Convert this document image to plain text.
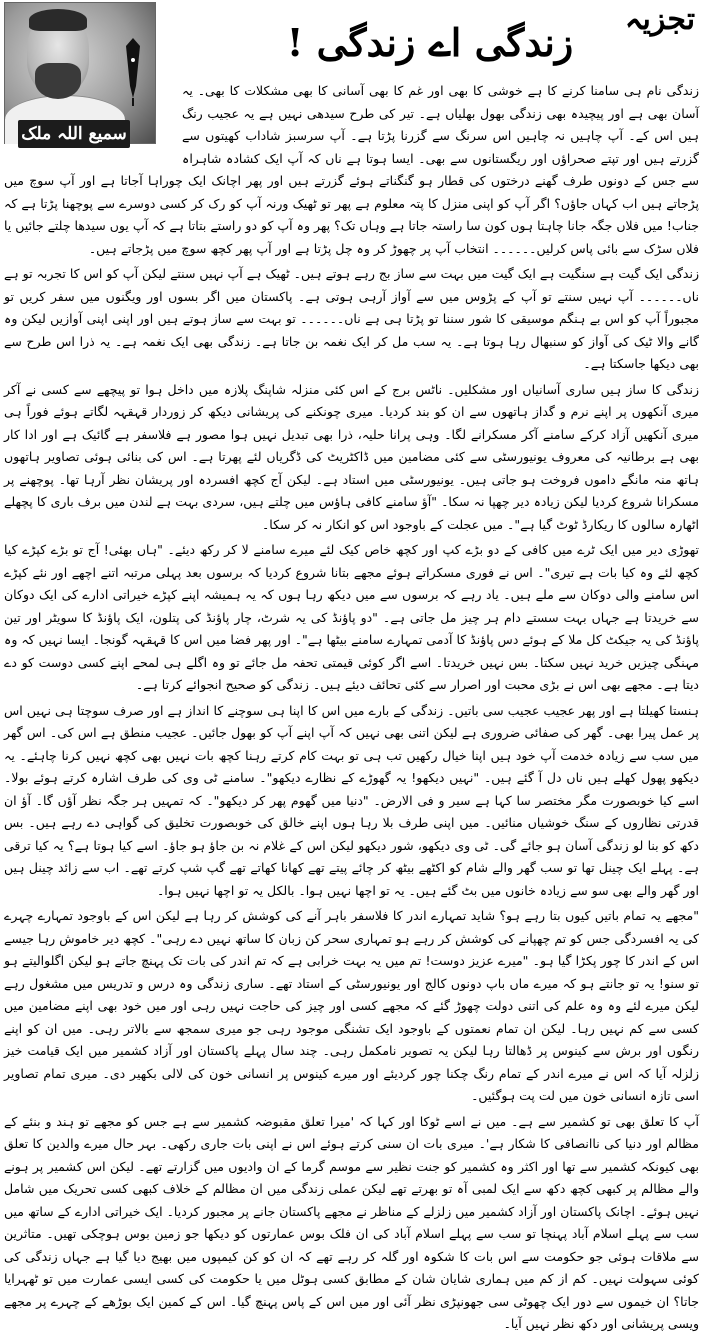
تجزیہ
سمیع اللہ ملک
زندگی اے زندگی !

زندگی نام ہی سامنا کرنے کا ہے خوشی کا بھی اور غم کا بھی آسانی کا بھی مشکلات کا بھی۔ یہ آسان بھی ہے اور پیچیدہ بھی زندگی بھول بھلیاں ہے۔ تیر کی طرح سیدھی نہیں ہے یہ عجیب رنگ ہیں اس کے۔ آپ چاہیں نہ چاہیں اس سرنگ سے گزرنا پڑتا ہے۔ آپ سرسبز شاداب کھیتوں سے گزرتے ہیں اور تپتے صحراؤں اور ریگستانوں سے بھی۔ ایسا ہوتا ہے ناں کہ آپ ایک کشادہ شاہراہ سے جس کے دونوں طرف گھنے درختوں کی قطار ہو گنگناتے ہوئے گزرتے ہیں اور پھر اچانک ایک چوراہا آجاتا ہے اور آپ سوچ میں پڑجاتے ہیں اب کہاں جاؤں؟ اگر آپ کو اپنی منزل کا پتہ معلوم ہے پھر تو ٹھیک ورنہ آپ کو رک کر کسی دوسرے سے پوچھنا پڑتا ہے کہ جناب! میں فلاں جگہ جانا چاہتا ہوں کون سا راستہ جاتا ہے وہاں تک؟ پھر وہ آپ کو دو راستے بتاتا ہے کہ آپ یوں سیدھا چلتے جائیں یا فلاں سڑک سے بائی پاس کرلیں۔۔۔۔۔۔ انتخاب آپ پر چھوڑ کر وہ چل پڑتا ہے اور آپ پھر کچھ سوچ میں پڑجاتے ہیں۔

زندگی ایک گیت ہے سنگیت ہے ایک گیت میں بہت سے ساز بج رہے ہوتے ہیں۔ ٹھیک ہے آپ نہیں سنتے لیکن آپ کو اس کا تجربہ تو ہے ناں۔۔۔۔۔۔ آپ نہیں سنتے تو آپ کے پڑوس میں سے آواز آرہی ہوتی ہے۔ پاکستان میں اگر بسوں اور ویگنوں میں سفر کریں تو مجبوراً آپ کو اس بے ہنگم موسیقی کا شور سننا تو پڑتا ہی ہے ناں۔۔۔۔۔۔ تو بہت سے ساز ہوتے ہیں اور اپنی اپنی آوازیں لیکن وہ گانے والا ٹیک کی آواز کو سنبھال رہا ہوتا ہے۔ یہ سب مل کر ایک نغمہ بن جاتا ہے۔ زندگی بھی ایک نغمہ ہے۔ یہ ذرا اس طرح سے بھی دیکھا جاسکتا ہے۔

زندگی کا ساز ہیں ساری آسانیاں اور مشکلیں۔ ناٹس برج کے اس کئی منزلہ شاپنگ پلازہ میں داخل ہوا تو پیچھے سے کسی نے آکر میری آنکھوں پر اپنے نرم و گداز ہاتھوں سے ان کو بند کردیا۔ میری چونکنے کی پریشانی دیکھ کر زوردار قہقہہ لگاتے ہوئے فوراً ہی میری آنکھیں آزاد کرکے سامنے آکر مسکرانے لگا۔ وہی پرانا حلیہ، ذرا بھی تبدیل نہیں ہوا مصور ہے فلاسفر ہے گائیک ہے اور ادا کار بھی ہے برطانیہ کی معروف یونیورسٹی سے کئی مضامین میں ڈاکٹریٹ کی ڈگریاں لئے پھرتا ہے۔ اس کی بنائی ہوئی تصاویر ہاتھوں ہاتھ منہ مانگے داموں فروخت ہو جاتی ہیں۔ یونیورسٹی میں استاد ہے۔ لیکن آج کچھ افسردہ اور پریشان نظر آرہا تھا۔ پوچھنے پر مسکرانا شروع کردیا لیکن زیادہ دیر چھپا نہ سکا۔ "آؤ سامنے کافی ہاؤس میں چلتے ہیں، سردی بہت ہے لندن میں برف باری کا پچھلے اٹھارہ سالوں کا ریکارڈ ٹوٹ گیا ہے"۔ میں عجلت کے باوجود اس کو انکار نہ کر سکا۔

تھوڑی دیر میں ایک ٹرے میں کافی کے دو بڑے کپ اور کچھ خاص کیک لئے میرے سامنے لا کر رکھ دیئے۔ "ہاں بھئی! آج تو بڑے کپڑے کیا کچھ لئے وہ کیا بات ہے تیری"۔ اس نے فوری مسکراتے ہوئے مجھے بتانا شروع کردیا کہ برسوں بعد پہلی مرتبہ اتنے اچھے اور نئے کپڑے اس سامنے والی دوکان سے ملے ہیں۔ یاد رہے کہ برسوں سے میں دیکھ رہا ہوں کہ یہ ہمیشہ اپنے کپڑے خیراتی ادارے کی ایک دوکان سے خریدتا ہے جہاں بہت سستے دام ہر چیز مل جاتی ہے۔ "دو پاؤنڈ کی یہ شرٹ، چار پاؤنڈ کی پتلون، ایک پاؤنڈ کا سویٹر اور تین پاؤنڈ کی یہ جیکٹ کل ملا کے ہوئے دس پاؤنڈ کا آدمی تمہارے سامنے بیٹھا ہے"۔ اور پھر فضا میں اس کا قہقہہ گونجا۔ ایسا نہیں کہ وہ مہنگی چیزیں خرید نہیں سکتا۔ بس نہیں خریدتا۔ اسے اگر کوئی قیمتی تحفہ مل جائے تو وہ اگلے ہی لمحے اپنے کسی دوست کو دے دیتا ہے۔ مجھے بھی اس نے بڑی محبت اور اصرار سے کئی تحائف دیئے ہیں۔ زندگی کو صحیح انجوائے کرتا ہے۔

ہنستا کھیلتا ہے اور پھر عجیب عجیب سی باتیں۔ زندگی کے بارے میں اس کا اپنا ہی سوچنے کا انداز ہے اور صرف سوچتا ہی نہیں اس پر عمل پیرا بھی۔ گھر کی صفائی ضروری ہے لیکن اتنی بھی نہیں کہ آپ اپنے آپ کو بھول جائیں۔ عجیب منطق ہے اس کی۔ اس گھر میں سب سے زیادہ خدمت آپ خود ہیں اپنا خیال رکھیں تب ہی تو بہت کام کرتے رہنا کچھ بات نہیں بھی کچھ نہیں کرنا چاہئے۔ یہ دیکھو پھول کھلے ہیں ناں دل آ گئے ہیں۔ "نہیں دیکھو! یہ گھوڑے کے نظارے دیکھو"۔ سامنے ٹی وی کی طرف اشارہ کرتے ہوئے بولا۔ اسے کیا خوبصورت مگر مختصر سا کہا ہے سیر و فی الارض۔ "دنیا میں گھوم پھر کر دیکھو"۔ کہ تمہیں ہر جگہ نظر آؤں گا۔ آؤ ان قدرتی نظاروں کے سنگ خوشیاں منائیں۔ میں اپنی طرف بلا رہا ہوں اپنے خالق کی خوبصورت تخلیق کی گواہی دے رہے ہیں۔ بس دکھ کو بنا لو زندگی آسان ہو جائے گی۔ ٹی وی دیکھو، شور دیکھو لیکن اس کے غلام نہ بن جاؤ ہو جاؤ۔ اسے کیا ہوتا ہے؟ یہ کیا ترقی ہے۔ پہلے ایک چینل تھا تو سب گھر والے شام کو اکٹھے بیٹھ کر چائے پیتے تھے کھانا کھاتے تھے گپ شپ کرتے تھے۔ اب سے زائد چینل ہیں اور گھر والے بھی سو سے زیادہ خانوں میں بٹ گئے ہیں۔ یہ تو اچھا نہیں ہوا۔ بالکل یہ تو اچھا نہیں ہوا۔

"مجھے یہ تمام باتیں کیوں بتا رہے ہو؟ شاید تمہارے اندر کا فلاسفر باہر آنے کی کوشش کر رہا ہے لیکن اس کے باوجود تمہارے چہرے کی یہ افسردگی جس کو تم چھپانے کی کوشش کر رہے ہو تمہاری سحر کن زبان کا ساتھ نہیں دے رہی"۔ کچھ دیر خاموش رہا جیسے اس کے اندر کا چور پکڑا گیا ہو۔ "میرے عزیز دوست! تم میں یہ بہت خرابی ہے کہ تم اندر کی بات تک پہنچ جاتے ہو لیکن اگلوالیتے ہو تو سنو! یہ تو جانتے ہو کہ میرے ماں باپ دونوں کالج اور یونیورسٹی کے استاد تھے۔ ساری زندگی وہ درس و تدریس میں مشغول رہے لیکن میرے لئے وہ وہ علم کی اتنی دولت چھوڑ گئے کہ مجھے کسی اور چیز کی حاجت نہیں رہی اور میں خود بھی اپنے مضامین میں کسی سے کم نہیں رہا۔ لیکن ان تمام نعمتوں کے باوجود ایک تشنگی موجود رہی جو میری سمجھ سے بالاتر رہی۔ میں ان کو اپنے رنگوں اور برش سے کینوس پر ڈھالتا رہا لیکن یہ تصویر نامکمل رہی۔ چند سال پہلے پاکستان اور آزاد کشمیر میں ایک قیامت خیز زلزلہ آیا کہ اس نے میرے اندر کے تمام رنگ چکنا چور کردیئے اور میرے کینوس پر انسانی خون کی لالی بکھیر دی۔ میری تمام تصاویر اسی تازہ انسانی خون میں لت پت ہوگئیں۔

آپ کا تعلق بھی تو کشمیر سے ہے۔ میں نے اسے ٹوکا اور کہا کہ 'میرا تعلق مقبوضہ کشمیر سے ہے جس کو مجھے تو ہند و بنئے کے مظالم اور دنیا کی ناانصافی کا شکار ہے'۔ میری بات ان سنی کرتے ہوئے اس نے اپنی بات جاری رکھی۔ بہر حال میرے والدین کا تعلق بھی کیونکہ کشمیر سے تھا اور اکثر وہ کشمیر کو جنت نظیر سے موسم گرما کے ان وادیوں میں گزارتے تھے۔ لیکن اس کشمیر پر ہونے والے مظالم پر کبھی کچھ دکھ سے ایک لمبی آہ تو بھرتے تھے لیکن عملی زندگی میں ان مظالم کے خلاف کبھی کسی تحریک میں شامل نہیں ہوئے۔ اچانک پاکستان اور آزاد کشمیر میں زلزلے کے مناظر نے مجھے پاکستان جانے پر مجبور کردیا۔ ایک خیراتی ادارے کے ساتھ میں سب سے پہلے اسلام آباد پہنچا تو سب سے پہلے اسلام آباد کی ان فلک بوس عمارتوں کو دیکھا جو زمین بوس ہوچکی تھیں۔ متاثرین سے ملاقات ہوئی جو حکومت سے اس بات کا شکوہ اور گلہ کر رہے تھے کہ ان کو کن کیمپوں میں بھیج دیا گیا ہے جہاں زندگی کی کوئی سہولت نہیں۔ کم از کم میں ہماری شایان شان کے مطابق کسی ہوٹل میں یا حکومت کی کسی ایسی عمارت میں تو ٹھہرایا جاتا؟ ان خیموں سے دور ایک چھوٹی سی جھونپڑی نظر آئی اور میں اس کے پاس پہنچ گیا۔ اس کے کمین ایک بوڑھے کے چہرے پر مجھے ویسی پریشانی اور دکھ نظر نہیں آیا۔
